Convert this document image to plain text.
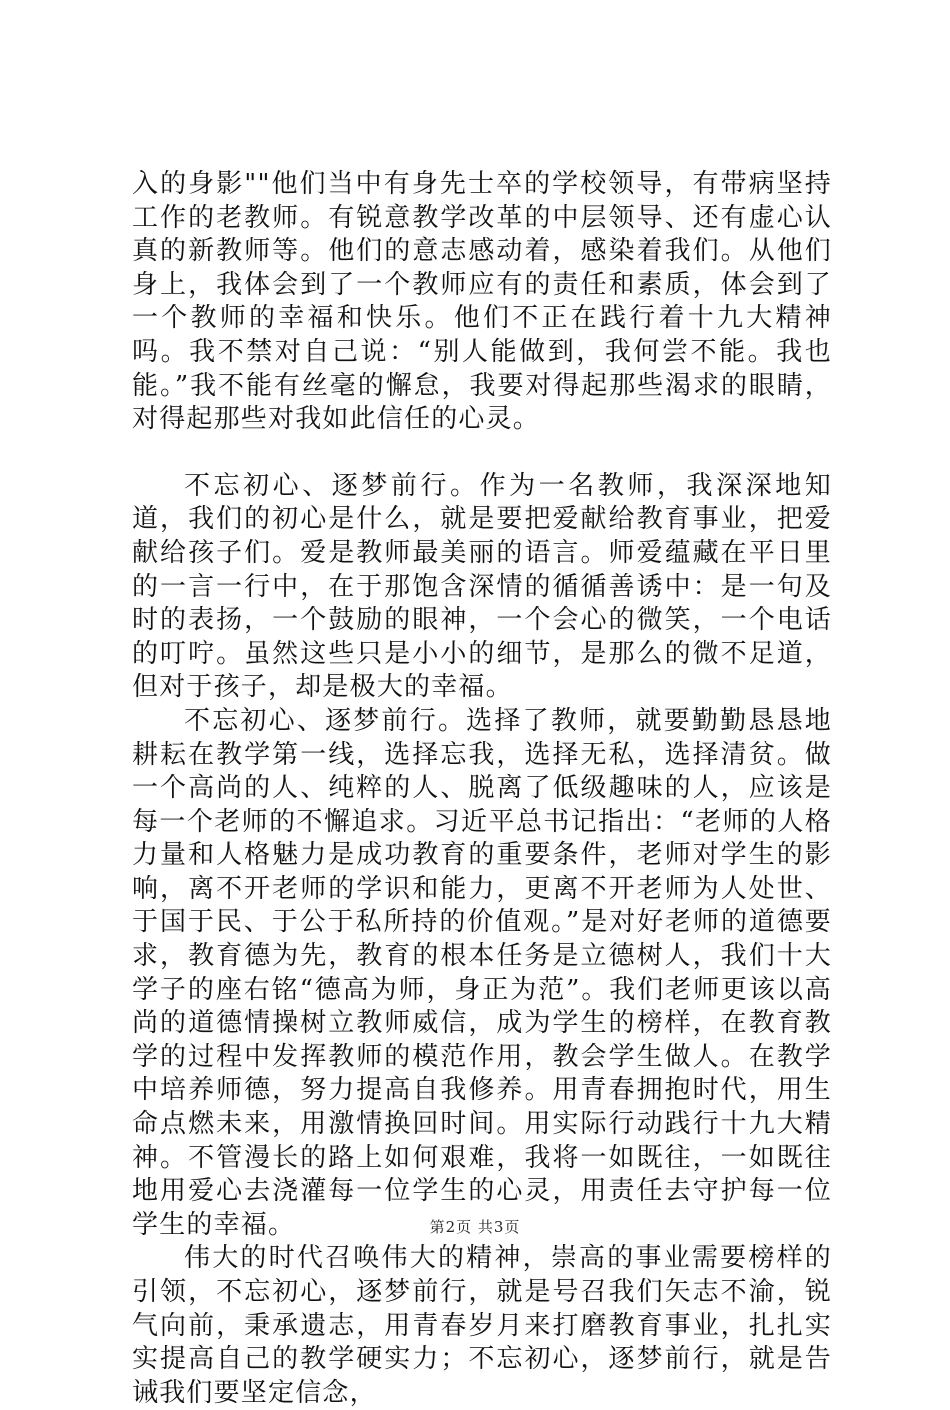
入的身影""他们当中有身先士卒的学校领导，有带病坚持工作的老教师。有锐意教学改革的中层领导、还有虚心认真的新教师等。他们的意志感动着，感染着我们。从他们身上，我体会到了一个教师应有的责任和素质，体会到了一个教师的幸福和快乐。他们不正在践行着十九大精神吗。我不禁对自己说：“别人能做到，我何尝不能。我也能。”我不能有丝毫的懈怠，我要对得起那些渴求的眼睛，对得起那些对我如此信任的心灵。

不忘初心、逐梦前行。作为一名教师，我深深地知道，我们的初心是什么，就是要把爱献给教育事业，把爱献给孩子们。爱是教师最美丽的语言。师爱蕴藏在平日里的一言一行中，在于那饱含深情的循循善诱中：是一句及时的表扬，一个鼓励的眼神，一个会心的微笑，一个电话的叮咛。虽然这些只是小小的细节，是那么的微不足道，但对于孩子，却是极大的幸福。

不忘初心、逐梦前行。选择了教师，就要勤勤恳恳地耕耘在教学第一线，选择忘我，选择无私，选择清贫。做一个高尚的人、纯粹的人、脱离了低级趣味的人，应该是每一个老师的不懈追求。习近平总书记指出：“老师的人格力量和人格魅力是成功教育的重要条件，老师对学生的影响，离不开老师的学识和能力，更离不开老师为人处世、于国于民、于公于私所持的价值观。”是对好老师的道德要求，教育德为先，教育的根本任务是立德树人，我们十大学子的座右铭“德高为师，身正为范”。我们老师更该以高尚的道德情操树立教师威信，成为学生的榜样，在教育教学的过程中发挥教师的模范作用，教会学生做人。在教学中培养师德，努力提高自我修养。用青春拥抱时代，用生命点燃未来，用激情换回时间。用实际行动践行十九大精神。不管漫长的路上如何艰难，我将一如既往，一如既往地用爱心去浇灌每一位学生的心灵，用责任去守护每一位学生的幸福。

伟大的时代召唤伟大的精神，崇高的事业需要榜样的引领，不忘初心，逐梦前行，就是号召我们矢志不渝，锐气向前，秉承遗志，用青春岁月来打磨教育事业，扎扎实实提高自己的教学硬实力；不忘初心，逐梦前行，就是告诫我们要坚定信念，

第2页 共3页
